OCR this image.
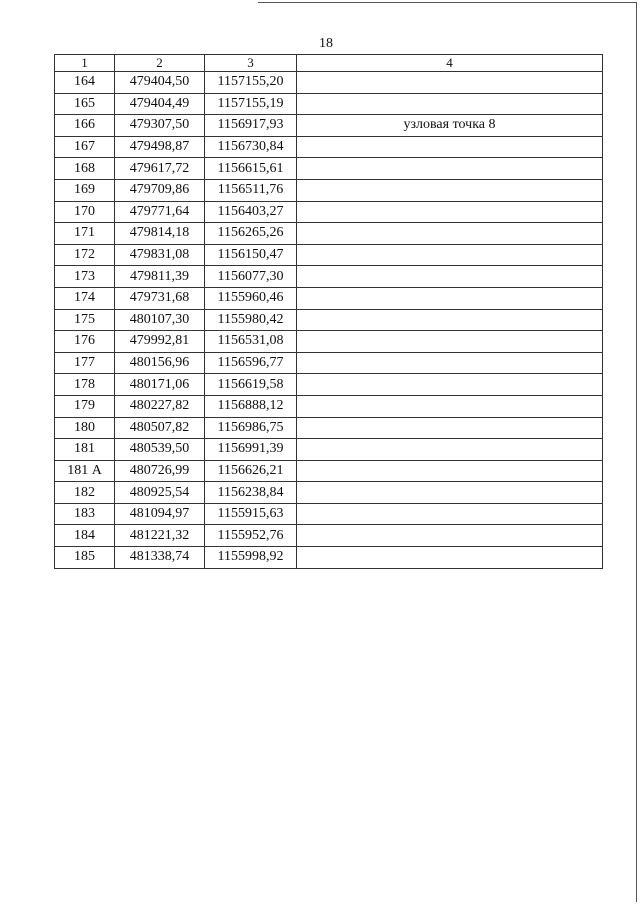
18
1	2	3	4
164	479404,50	1157155,20	
165	479404,49	1157155,19	
166	479307,50	1156917,93	узловая точка 8
167	479498,87	1156730,84	
168	479617,72	1156615,61	
169	479709,86	1156511,76	
170	479771,64	1156403,27	
171	479814,18	1156265,26	
172	479831,08	1156150,47	
173	479811,39	1156077,30	
174	479731,68	1155960,46	
175	480107,30	1155980,42	
176	479992,81	1156531,08	
177	480156,96	1156596,77	
178	480171,06	1156619,58	
179	480227,82	1156888,12	
180	480507,82	1156986,75	
181	480539,50	1156991,39	
181 А	480726,99	1156626,21	
182	480925,54	1156238,84	
183	481094,97	1155915,63	
184	481221,32	1155952,76	
185	481338,74	1155998,92	
